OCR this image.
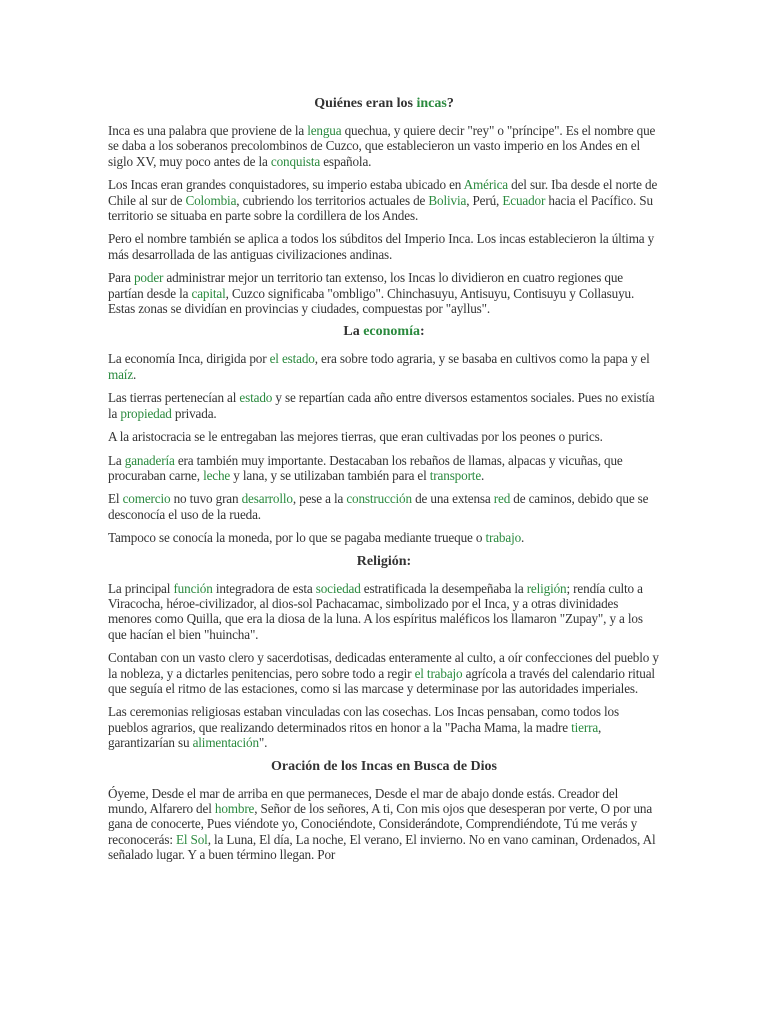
Quiénes eran los incas?

Inca es una palabra que proviene de la lengua quechua, y quiere decir "rey" o "príncipe". Es el nombre que se daba a los soberanos precolombinos de Cuzco, que establecieron un vasto imperio en los Andes en el siglo XV, muy poco antes de la conquista española.

Los Incas eran grandes conquistadores, su imperio estaba ubicado en América del sur. Iba desde el norte de Chile al sur de Colombia, cubriendo los territorios actuales de Bolivia, Perú, Ecuador hacia el Pacífico. Su territorio se situaba en parte sobre la cordillera de los Andes.

Pero el nombre también se aplica a todos los súbditos del Imperio Inca. Los incas establecieron la última y más desarrollada de las antiguas civilizaciones andinas.

Para poder administrar mejor un territorio tan extenso, los Incas lo dividieron en cuatro regiones que partían desde la capital, Cuzco significaba "ombligo". Chinchasuyu, Antisuyu, Contisuyu y Collasuyu. Estas zonas se dividían en provincias y ciudades, compuestas por "ayllus".

La economía:

La economía Inca, dirigida por el estado, era sobre todo agraria, y se basaba en cultivos como la papa y el maíz.

Las tierras pertenecían al estado y se repartían cada año entre diversos estamentos sociales. Pues no existía la propiedad privada.

A la aristocracia se le entregaban las mejores tierras, que eran cultivadas por los peones o purics.

La ganadería era también muy importante. Destacaban los rebaños de llamas, alpacas y vicuñas, que procuraban carne, leche y lana, y se utilizaban también para el transporte.

El comercio no tuvo gran desarrollo, pese a la construcción de una extensa red de caminos, debido que se desconocía el uso de la rueda.

Tampoco se conocía la moneda, por lo que se pagaba mediante trueque o trabajo.

Religión:

La principal función integradora de esta sociedad estratificada la desempeñaba la religión; rendía culto a Viracocha, héroe-civilizador, al dios-sol Pachacamac, simbolizado por el Inca, y a otras divinidades menores como Quilla, que era la diosa de la luna. A los espíritus maléficos los llamaron "Zupay", y a los que hacían el bien "huincha".

Contaban con un vasto clero y sacerdotisas, dedicadas enteramente al culto, a oír confecciones del pueblo y la nobleza, y a dictarles penitencias, pero sobre todo a regir el trabajo agrícola a través del calendario ritual que seguía el ritmo de las estaciones, como si las marcase y determinase por las autoridades imperiales.

Las ceremonias religiosas estaban vinculadas con las cosechas. Los Incas pensaban, como todos los pueblos agrarios, que realizando determinados ritos en honor a la "Pacha Mama, la madre tierra, garantizarían su alimentación".

Oración de los Incas en Busca de Dios

Óyeme, Desde el mar de arriba en que permaneces, Desde el mar de abajo donde estás. Creador del mundo, Alfarero del hombre, Señor de los señores, A ti, Con mis ojos que desesperan por verte, O por una gana de conocerte, Pues viéndote yo, Conociéndote, Considerándote, Comprendiéndote, Tú me verás y reconocerás: El Sol, la Luna, El día, La noche, El verano, El invierno. No en vano caminan, Ordenados, Al señalado lugar. Y a buen término llegan. Por
